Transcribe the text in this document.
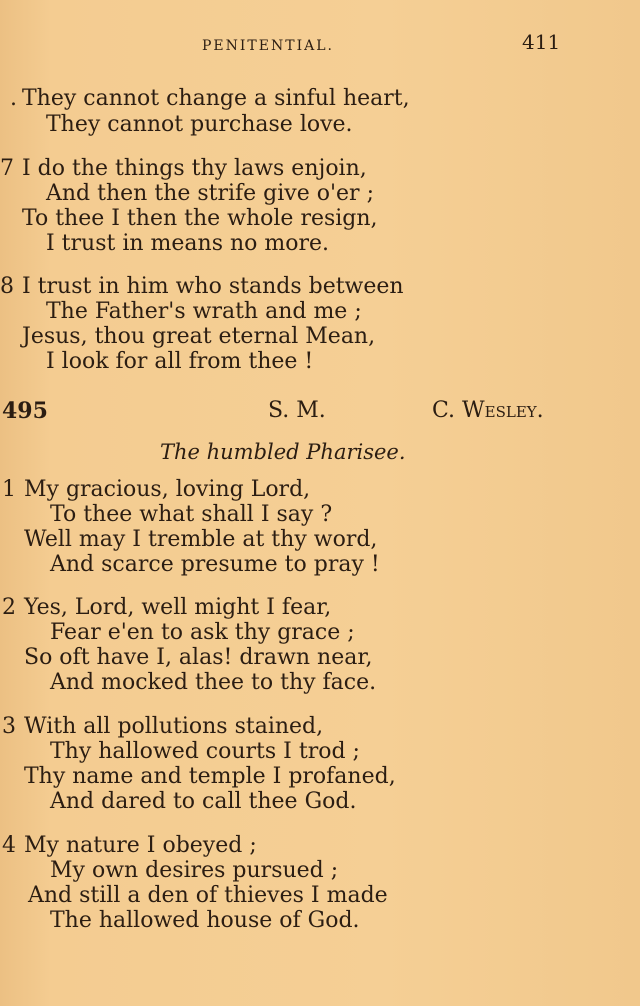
PENITENTIAL.	411
. They cannot change a sinful heart,
They cannot purchase love.
7 I do the things thy laws enjoin,
And then the strife give o'er ;
To thee I then the whole resign,
I trust in means no more.
8 I trust in him who stands between
The Father's wrath and me ;
Jesus, thou great eternal Mean,
I look for all from thee !
495	S. M.	C. Wesley.
The humbled Pharisee.
1 My gracious, loving Lord,
To thee what shall I say ?
Well may I tremble at thy word,
And scarce presume to pray !
2 Yes, Lord, well might I fear,
Fear e'en to ask thy grace ;
So oft have I, alas! drawn near,
And mocked thee to thy face.
3 With all pollutions stained,
Thy hallowed courts I trod ;
Thy name and temple I profaned,
And dared to call thee God.
4 My nature I obeyed ;
My own desires pursued ;
And still a den of thieves I made
The hallowed house of God.
